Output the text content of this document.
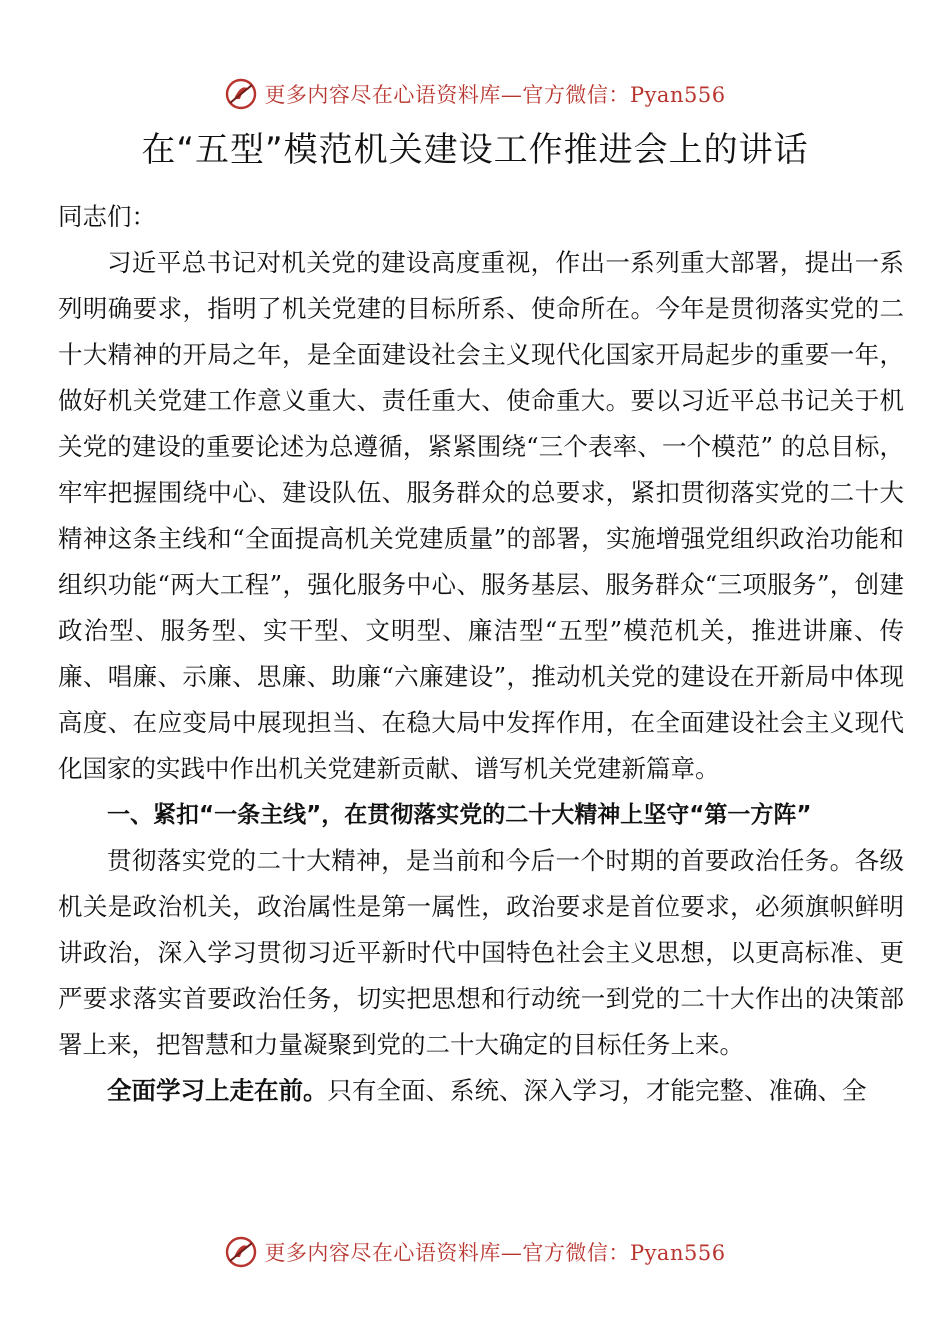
更多内容尽在心语资料库—官方微信：Pyan556
在“五型”模范机关建设工作推进会上的讲话

同志们：

习近平总书记对机关党的建设高度重视，作出一系列重大部署，提出一系列明确要求，指明了机关党建的目标所系、使命所在。今年是贯彻落实党的二十大精神的开局之年，是全面建设社会主义现代化国家开局起步的重要一年，做好机关党建工作意义重大、责任重大、使命重大。要以习近平总书记关于机关党的建设的重要论述为总遵循，紧紧围绕“三个表率、一个模范” 的总目标，牢牢把握围绕中心、建设队伍、服务群众的总要求，紧扣贯彻落实党的二十大精神这条主线和“全面提高机关党建质量”的部署，实施增强党组织政治功能和组织功能“两大工程”，强化服务中心、服务基层、服务群众“三项服务”，创建政治型、服务型、实干型、文明型、廉洁型“五型”模范机关，推进讲廉、传廉、唱廉、示廉、思廉、助廉“六廉建设”，推动机关党的建设在开新局中体现高度、在应变局中展现担当、在稳大局中发挥作用，在全面建设社会主义现代化国家的实践中作出机关党建新贡献、谱写机关党建新篇章。

一、紧扣“一条主线”，在贯彻落实党的二十大精神上坚守“第一方阵”

贯彻落实党的二十大精神，是当前和今后一个时期的首要政治任务。各级机关是政治机关，政治属性是第一属性，政治要求是首位要求，必须旗帜鲜明讲政治，深入学习贯彻习近平新时代中国特色社会主义思想，以更高标准、更严要求落实首要政治任务，切实把思想和行动统一到党的二十大作出的决策部署上来，把智慧和力量凝聚到党的二十大确定的目标任务上来。

全面学习上走在前。只有全面、系统、深入学习，才能完整、准确、全

更多内容尽在心语资料库—官方微信：Pyan556
